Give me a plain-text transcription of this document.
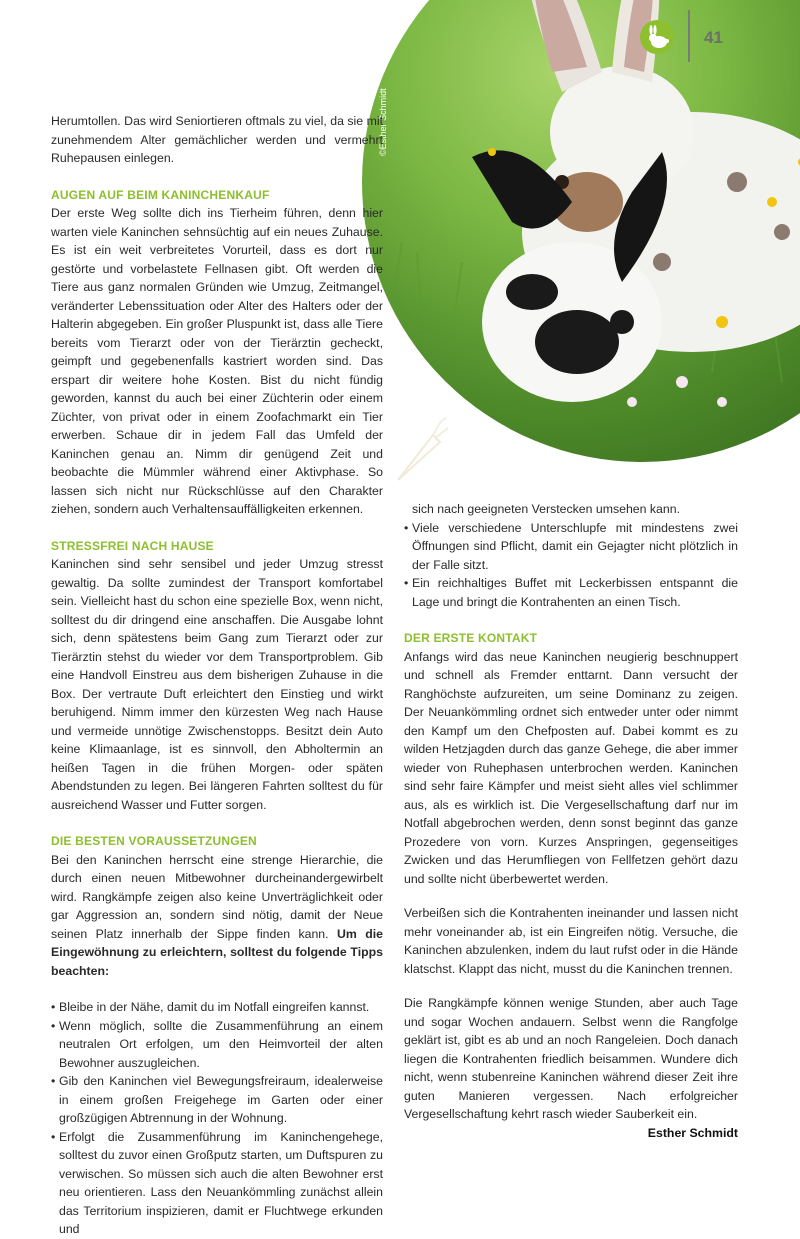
©Esther Schmidt
41

Herumtollen. Das wird Seniortieren oftmals zu viel, da sie mit zunehmendem Alter gemächlicher werden und vermehrt Ruhepausen einlegen.

AUGEN AUF BEIM KANINCHENKAUF

Der erste Weg sollte dich ins Tierheim führen, denn hier warten viele Kaninchen sehnsüchtig auf ein neues Zuhause. Es ist ein weit verbreitetes Vorurteil, dass es dort nur gestörte und vorbelastete Fellnasen gibt. Oft werden die Tiere aus ganz normalen Gründen wie Umzug, Zeitmangel, veränderter Lebenssituation oder Alter des Halters oder der Halterin abgegeben. Ein großer Pluspunkt ist, dass alle Tiere bereits vom Tierarzt oder von der Tierärztin gecheckt, geimpft und gegebenenfalls kastriert worden sind. Das erspart dir weitere hohe Kosten. Bist du nicht fündig geworden, kannst du auch bei einer Züchterin oder einem Züchter, von privat oder in einem Zoofachmarkt ein Tier erwerben. Schaue dir in jedem Fall das Umfeld der Kaninchen genau an. Nimm dir genügend Zeit und beobachte die Mümmler während einer Aktivphase. So lassen sich nicht nur Rückschlüsse auf den Charakter ziehen, sondern auch Verhaltensauffälligkeiten erkennen.

STRESSFREI NACH HAUSE

Kaninchen sind sehr sensibel und jeder Umzug stresst gewaltig. Da sollte zumindest der Transport komfortabel sein. Vielleicht hast du schon eine spezielle Box, wenn nicht, solltest du dir dringend eine anschaffen. Die Ausgabe lohnt sich, denn spätestens beim Gang zum Tierarzt oder zur Tierärztin stehst du wieder vor dem Transportproblem. Gib eine Handvoll Einstreu aus dem bisherigen Zuhause in die Box. Der vertraute Duft erleichtert den Einstieg und wirkt beruhigend. Nimm immer den kürzesten Weg nach Hause und vermeide unnötige Zwischenstopps. Besitzt dein Auto keine Klimaanlage, ist es sinnvoll, den Abholtermin an heißen Tagen in die frühen Morgen- oder späten Abendstunden zu legen. Bei längeren Fahrten solltest du für ausreichend Wasser und Futter sorgen.

DIE BESTEN VORAUSSETZUNGEN

Bei den Kaninchen herrscht eine strenge Hierarchie, die durch einen neuen Mitbewohner durcheinandergewirbelt wird. Rangkämpfe zeigen also keine Unverträglichkeit oder gar Aggression an, sondern sind nötig, damit der Neue seinen Platz innerhalb der Sippe finden kann. Um die Eingewöhnung zu erleichtern, solltest du folgende Tipps beachten:

• Bleibe in der Nähe, damit du im Notfall eingreifen kannst.
• Wenn möglich, sollte die Zusammenführung an einem neutralen Ort erfolgen, um den Heimvorteil der alten Bewohner auszugleichen.
• Gib den Kaninchen viel Bewegungsfreiraum, idealerweise in einem großen Freigehege im Garten oder einer großzügigen Abtrennung in der Wohnung.
• Erfolgt die Zusammenführung im Kaninchengehege, solltest du zuvor einen Großputz starten, um Duftspuren zu verwischen. So müssen sich auch die alten Bewohner erst neu orientieren. Lass den Neuankömmling zunächst allein das Territorium inspizieren, damit er Fluchtwege erkunden und

sich nach geeigneten Verstecken umsehen kann.

• Viele verschiedene Unterschlupfe mit mindestens zwei Öffnungen sind Pflicht, damit ein Gejagter nicht plötzlich in der Falle sitzt.
• Ein reichhaltiges Buffet mit Leckerbissen entspannt die Lage und bringt die Kontrahenten an einen Tisch.
DER ERSTE KONTAKT

Anfangs wird das neue Kaninchen neugierig beschnuppert und schnell als Fremder enttarnt. Dann versucht der Ranghöchste aufzureiten, um seine Dominanz zu zeigen. Der Neuankömmling ordnet sich entweder unter oder nimmt den Kampf um den Chefposten auf. Dabei kommt es zu wilden Hetzjagden durch das ganze Gehege, die aber immer wieder von Ruhephasen unterbrochen werden. Kaninchen sind sehr faire Kämpfer und meist sieht alles viel schlimmer aus, als es wirklich ist. Die Vergesellschaftung darf nur im Notfall abgebrochen werden, denn sonst beginnt das ganze Prozedere von vorn. Kurzes Anspringen, gegenseitiges Zwicken und das Herumfliegen von Fellfetzen gehört dazu und sollte nicht überbewertet werden.

Verbeißen sich die Kontrahenten ineinander und lassen nicht mehr voneinander ab, ist ein Eingreifen nötig. Versuche, die Kaninchen abzulenken, indem du laut rufst oder in die Hände klatschst. Klappt das nicht, musst du die Kaninchen trennen.

Die Rangkämpfe können wenige Stunden, aber auch Tage und sogar Wochen andauern. Selbst wenn die Rangfolge geklärt ist, gibt es ab und an noch Rangeleien. Doch danach liegen die Kontrahenten friedlich beisammen. Wundere dich nicht, wenn stubenreine Kaninchen während dieser Zeit ihre guten Manieren vergessen. Nach erfolgreicher Vergesellschaftung kehrt rasch wieder Sauberkeit ein.

Esther Schmidt
